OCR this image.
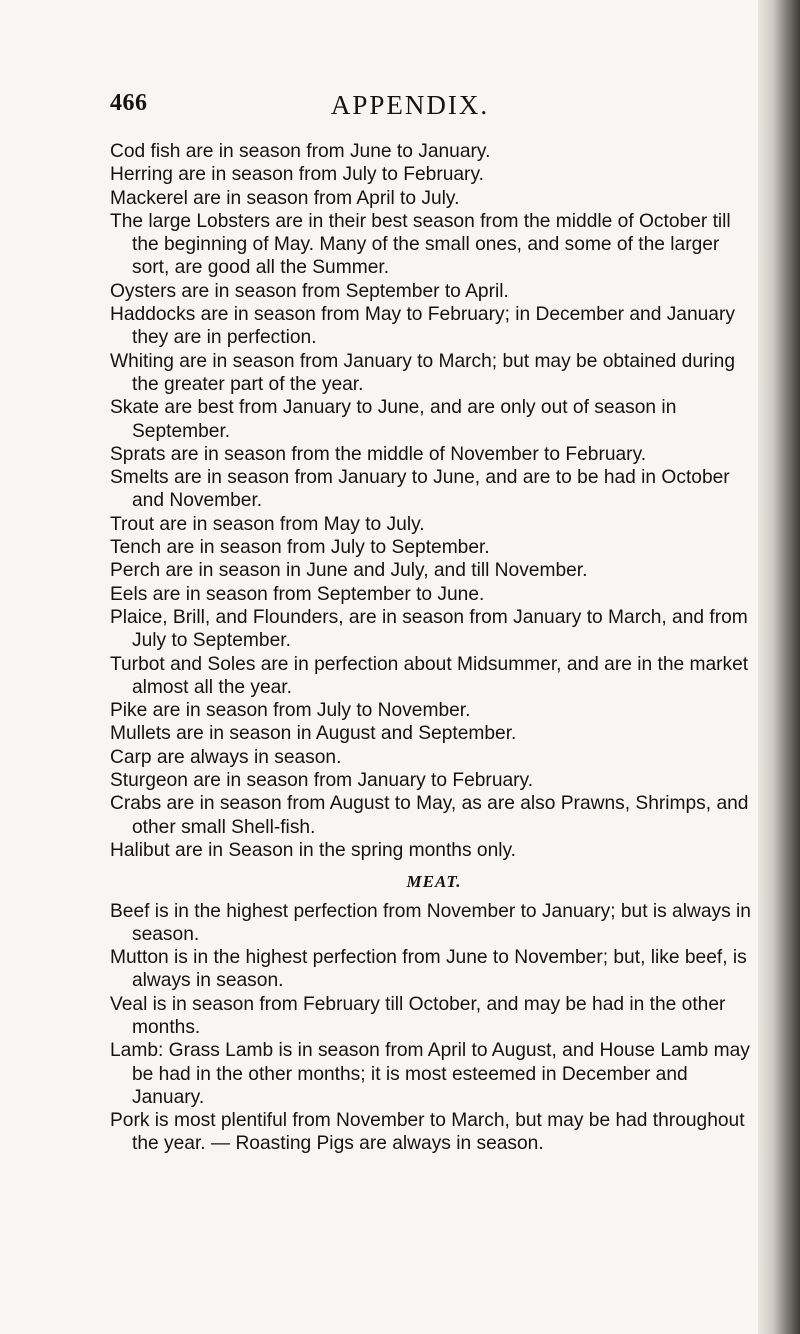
466	APPENDIX.

Cod fish are in season from June to January.

Herring are in season from July to February.

Mackerel are in season from April to July.

The large Lobsters are in their best season from the middle of October till the beginning of May. Many of the small ones, and some of the larger sort, are good all the Summer.

Oysters are in season from September to April.

Haddocks are in season from May to February; in December and January they are in perfection.

Whiting are in season from January to March; but may be obtained during the greater part of the year.

Skate are best from January to June, and are only out of season in September.

Sprats are in season from the middle of November to February.

Smelts are in season from January to June, and are to be had in October and November.

Trout are in season from May to July.

Tench are in season from July to September.

Perch are in season in June and July, and till November.

Eels are in season from September to June.

Plaice, Brill, and Flounders, are in season from January to March, and from July to September.

Turbot and Soles are in perfection about Midsummer, and are in the market almost all the year.

Pike are in season from July to November.

Mullets are in season in August and September.

Carp are always in season.

Sturgeon are in season from January to February.

Crabs are in season from August to May, as are also Prawns, Shrimps, and other small Shell-fish.

Halibut are in Season in the spring months only.

MEAT.

Beef is in the highest perfection from November to January; but is always in season.

Mutton is in the highest perfection from June to November; but, like beef, is always in season.

Veal is in season from February till October, and may be had in the other months.

Lamb: Grass Lamb is in season from April to August, and House Lamb may be had in the other months; it is most esteemed in December and January.

Pork is most plentiful from November to March, but may be had throughout the year. — Roasting Pigs are always in season.
